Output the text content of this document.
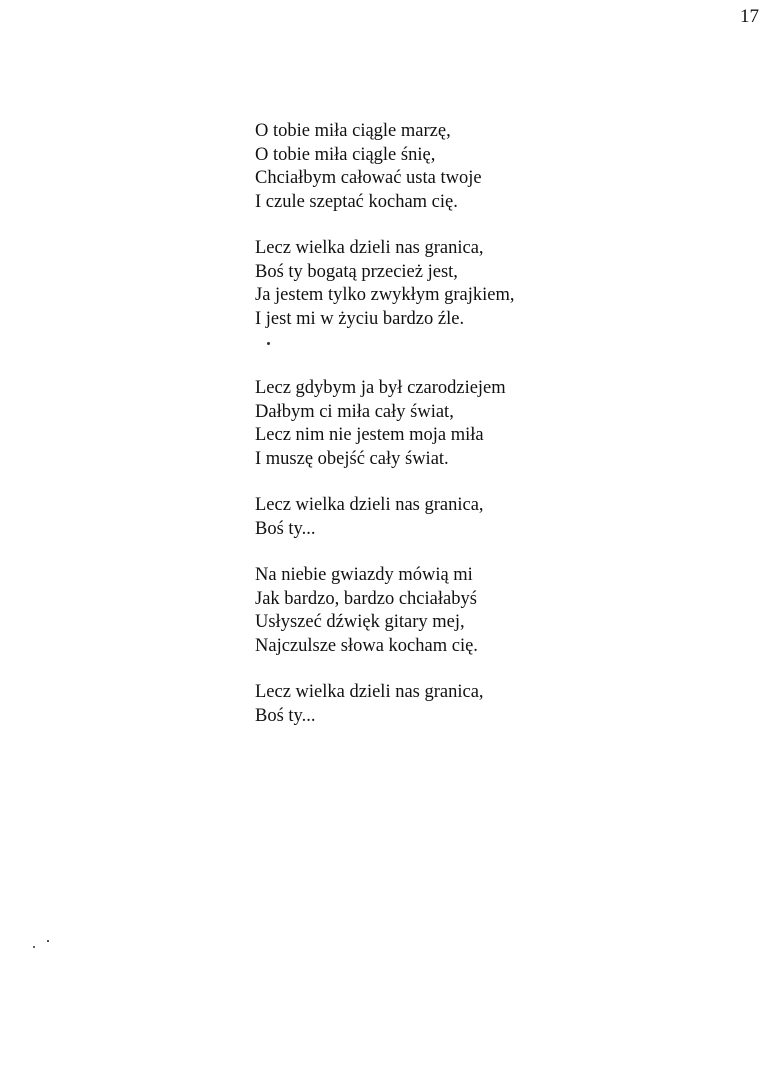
17
O tobie miła ciągle marzę,
O tobie miła ciągle śnię,
Chciałbym całować usta twoje
I czule szeptać kocham cię.
Lecz wielka dzieli nas granica,
Boś ty bogatą przecież jest,
Ja jestem tylko zwykłym grajkiem,
I jest mi w życiu bardzo źle.
Lecz gdybym ja był czarodziejem
Dałbym ci miła cały świat,
Lecz nim nie jestem moja miła
I muszę obejść cały świat.
Lecz wielka dzieli nas granica,
Boś ty...
Na niebie gwiazdy mówią mi
Jak bardzo, bardzo chciałabyś
Usłyszeć dźwięk gitary mej,
Najczulsze słowa kocham cię.
Lecz wielka dzieli nas granica,
Boś ty...
